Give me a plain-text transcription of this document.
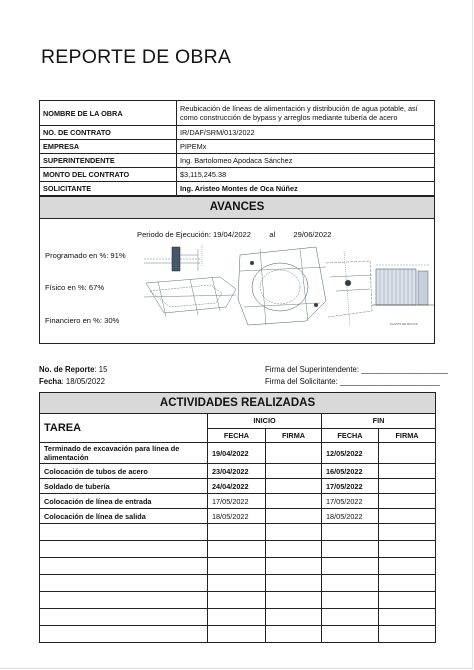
REPORTE DE OBRA
NOMBRE DE LA OBRA	Reubicación de líneas de alimentación y distribución de agua potable, así como construcción de bypass y arreglos mediante tubería de acero
NO. DE CONTRATO	IR/DAF/SRM/013/2022
EMPRESA	PIPEMx
SUPERINTENDENTE	Ing. Bartolomeo Apodaca Sánchez
MONTO DEL CONTRATO	$3,115,245.38
SOLICITANTE	Ing. Aristeo Montes de Oca Núñez
AVANCES
Periodo de Ejecución: 19/04/2022 al 29/06/2022
Programado en %: 91%
Físico en %: 67%
Financiero en %: 30%	PLANTA DE BOCAS
No. de Reporte: 15
Fecha: 18/05/2022
Firma del Superintendente: ____________________
Firma del Solicitante: _______________________
ACTIVIDADES REALIZADAS				
TAREA	INICIO		FIN	
	FECHA	FIRMA	FECHA	FIRMA
Terminado de excavación para línea de alimentación	19/04/2022		12/05/2022	
Colocación de tubos de acero	23/04/2022		16/05/2022	
Soldado de tubería	24/04/2022		17/05/2022	
Colocación de línea de entrada	17/05/2022		17/05/2022	
Colocación de línea de salida	18/05/2022		18/05/2022	
